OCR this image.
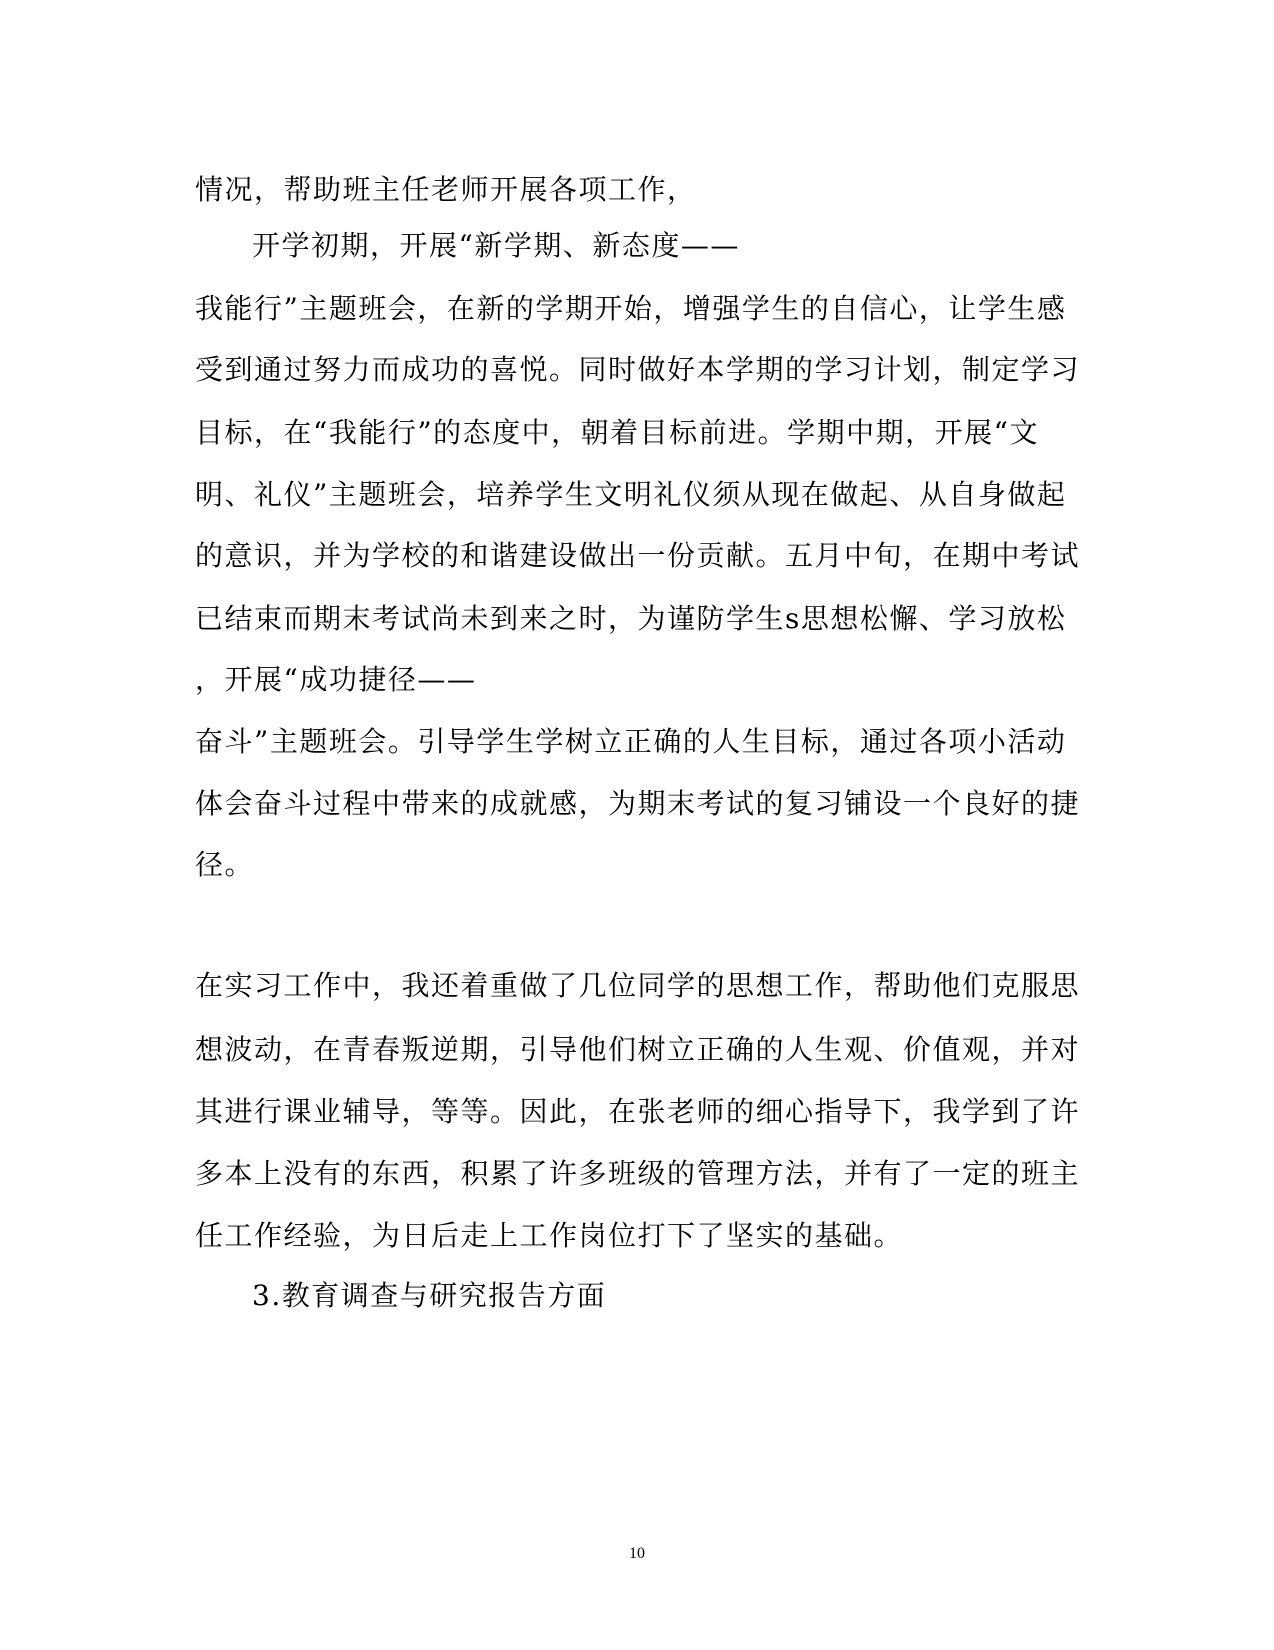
情况，帮助班主任老师开展各项工作，
开学初期，开展“新学期、新态度——
我能行”主题班会，在新的学期开始，增强学生的自信心，让学生感
受到通过努力而成功的喜悦。同时做好本学期的学习计划，制定学习
目标，在“我能行”的态度中，朝着目标前进。学期中期，开展“文
明、礼仪”主题班会，培养学生文明礼仪须从现在做起、从自身做起
的意识，并为学校的和谐建设做出一份贡献。五月中旬，在期中考试
已结束而期末考试尚未到来之时，为谨防学生s思想松懈、学习放松
，开展“成功捷径——
奋斗”主题班会。引导学生学树立正确的人生目标，通过各项小活动
体会奋斗过程中带来的成就感，为期末考试的复习铺设一个良好的捷
径。
在实习工作中，我还着重做了几位同学的思想工作，帮助他们克服思
想波动，在青春叛逆期，引导他们树立正确的人生观、价值观，并对
其进行课业辅导，等等。因此，在张老师的细心指导下，我学到了许
多本上没有的东西，积累了许多班级的管理方法，并有了一定的班主
任工作经验，为日后走上工作岗位打下了坚实的基础。
3.教育调查与研究报告方面
10
